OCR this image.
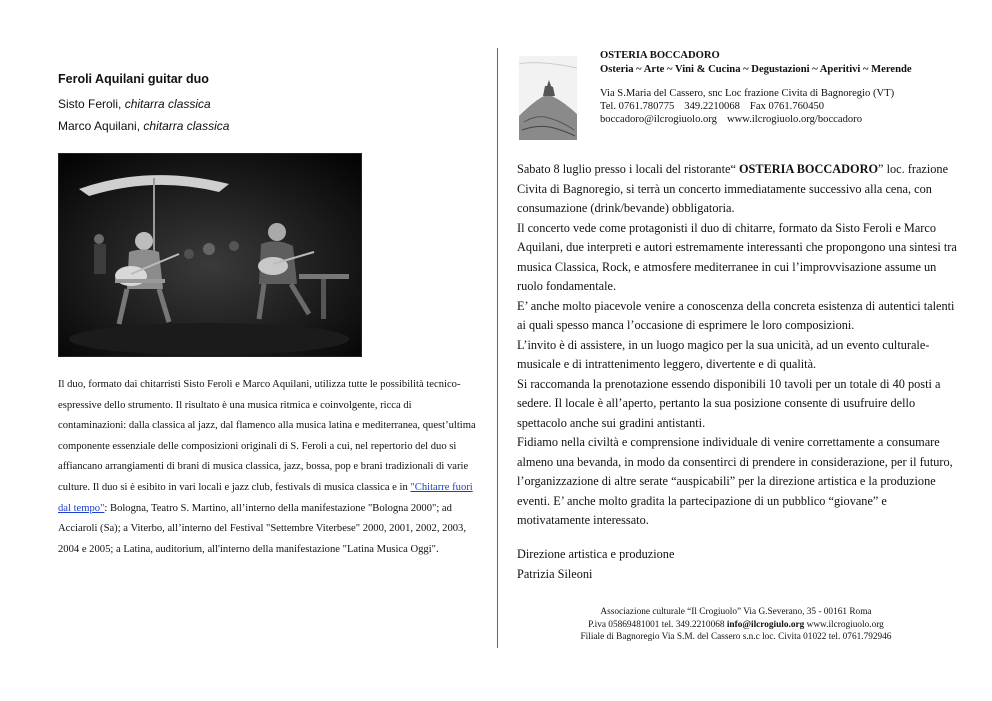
Feroli Aquilani guitar duo
Sisto Feroli, chitarra classica
Marco Aquilani, chitarra classica
Il duo, formato dai chitarristi Sisto Feroli e Marco Aquilani, utilizza tutte le possibilità tecnico-espressive dello strumento. Il risultato è una musica ritmica e coinvolgente, ricca di contaminazioni: dalla classica al jazz, dal flamenco alla musica latina e mediterranea, quest’ultima componente essenziale delle composizioni originali di S. Feroli a cui, nel repertorio del duo si affiancano arrangiamenti di brani di musica classica, jazz, bossa, pop e brani tradizionali di varie culture. Il duo si è esibito in vari locali e jazz club, festivals di musica classica e in "Chitarre fuori dal tempo": Bologna, Teatro S. Martino, all’interno della manifestazione "Bologna 2000"; ad Acciaroli (Sa); a Viterbo, all’interno del Festival "Settembre Viterbese" 2000, 2001, 2002, 2003, 2004 e 2005; a Latina, auditorium, all'interno della manifestazione "Latina Musica Oggi".
OSTERIA BOCCADORO
Osteria ~ Arte ~ Vini & Cucina ~ Degustazioni ~ Aperitivi ~ Merende
Via S.Maria del Cassero, snc Loc frazione Civita di Bagnoregio (VT)
Tel. 0761.780775 349.2210068 Fax 0761.760450
boccadoro@ilcrogiuolo.org www.ilcrogiuolo.org/boccadoro

Sabato 8 luglio presso i locali del ristorante“ OSTERIA BOCCADORO” loc. frazione Civita di Bagnoregio, si terrà un concerto immediatamente successivo alla cena, con consumazione (drink/bevande) obbligatoria.

Il concerto vede come protagonisti il duo di chitarre, formato da Sisto Feroli e Marco Aquilani, due interpreti e autori estremamente interessanti che propongono una sintesi tra musica Classica, Rock, e atmosfere mediterranee in cui l’improvvisazione assume un ruolo fondamentale.

E’ anche molto piacevole venire a conoscenza della concreta esistenza di autentici talenti ai quali spesso manca l’occasione di esprimere le loro composizioni.

L’invito è di assistere, in un luogo magico per la sua unicità, ad un evento culturale- musicale e di intrattenimento leggero, divertente e di qualità.

Si raccomanda la prenotazione essendo disponibili 10 tavoli per un totale di 40 posti a sedere. Il locale è all’aperto, pertanto la sua posizione consente di usufruire dello spettacolo anche sui gradini antistanti.

Fidiamo nella civiltà e comprensione individuale di venire correttamente a consumare almeno una bevanda, in modo da consentirci di prendere in considerazione, per il futuro, l’organizzazione di altre serate “auspicabili” per la direzione artistica e la produzione eventi. E’ anche molto gradita la partecipazione di un pubblico “giovane” e motivatamente interessato.

Direzione artistica e produzione
Patrizia Sileoni
Associazione culturale “Il Crogiuolo” Via G.Severano, 35 - 00161 Roma
P.iva 05869481001 tel. 349.2210068 info@ilcrogiulo.org www.ilcrogiuolo.org
Filiale di Bagnoregio Via S.M. del Cassero s.n.c loc. Civita 01022 tel. 0761.792946
